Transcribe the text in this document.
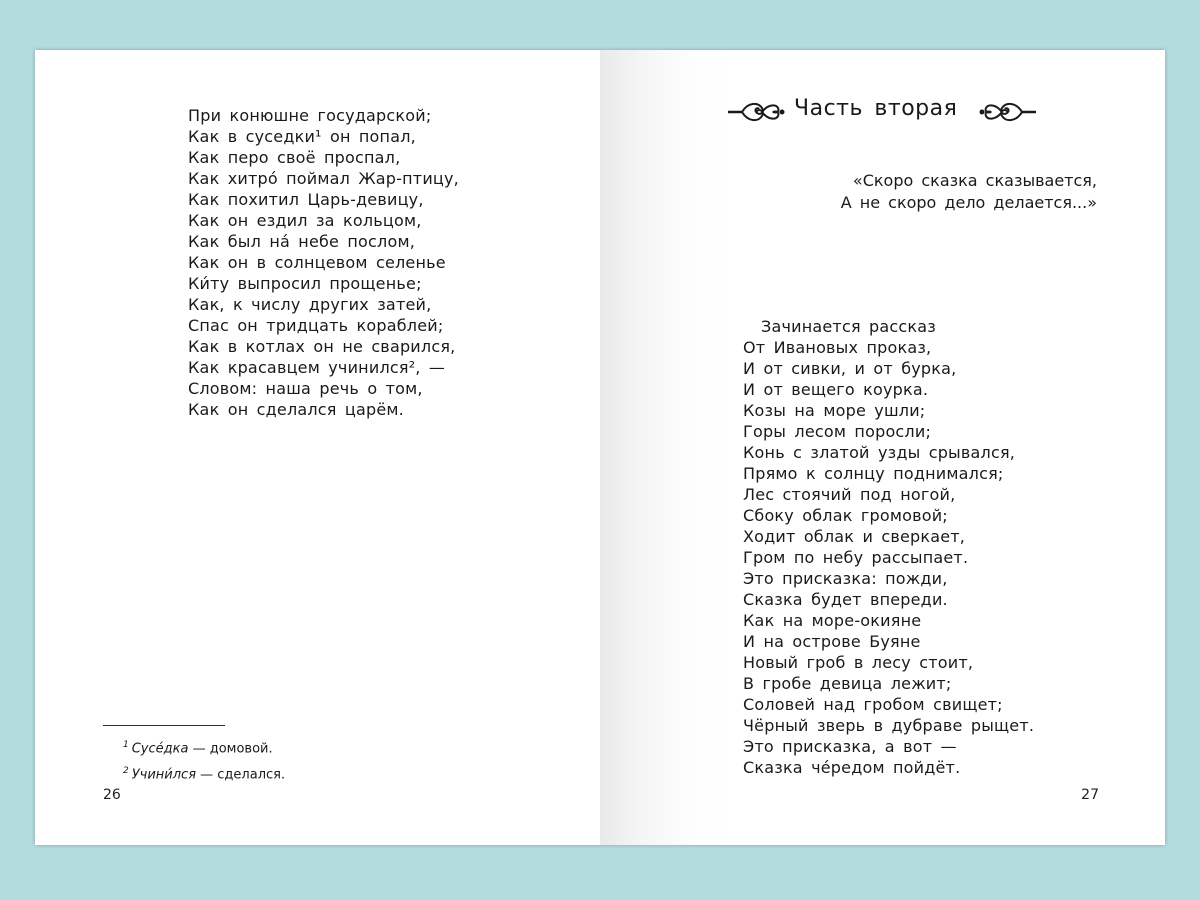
При конюшне государской;
Как в суседки¹ он попал,
Как перо своё проспал,
Как хитро́ поймал Жар-птицу,
Как похитил Царь-девицу,
Как он ездил за кольцом,
Как был на́ небе послом,
Как он в солнцевом селенье
Ки́ту выпросил прощенье;
Как, к числу других затей,
Спас он тридцать кораблей;
Как в котлах он не сварился,
Как красавцем учинился², —
Словом: наша речь о том,
Как он сделался царём.
$^1$ Сусе́дка — домовой.
$^2$ Учини́лся — сделался.
26
Часть вторая
«Скоро сказка сказывается,
А не скоро дело делается...»
Зачинается рассказ
От Ивановых проказ,
И от сивки, и от бурка,
И от вещего коурка.
Козы на море ушли;
Горы лесом поросли;
Конь с златой узды срывался,
Прямо к солнцу поднимался;
Лес стоячий под ногой,
Сбоку облак громовой;
Ходит облак и сверкает,
Гром по небу рассыпает.
Это присказка: пожди,
Сказка будет впереди.
Как на море-окияне
И на острове Буяне
Новый гроб в лесу стоит,
В гробе девица лежит;
Соловей над гробом свищет;
Чёрный зверь в дубраве рыщет.
Это присказка, а вот —
Сказка че́редом пойдёт.
27
